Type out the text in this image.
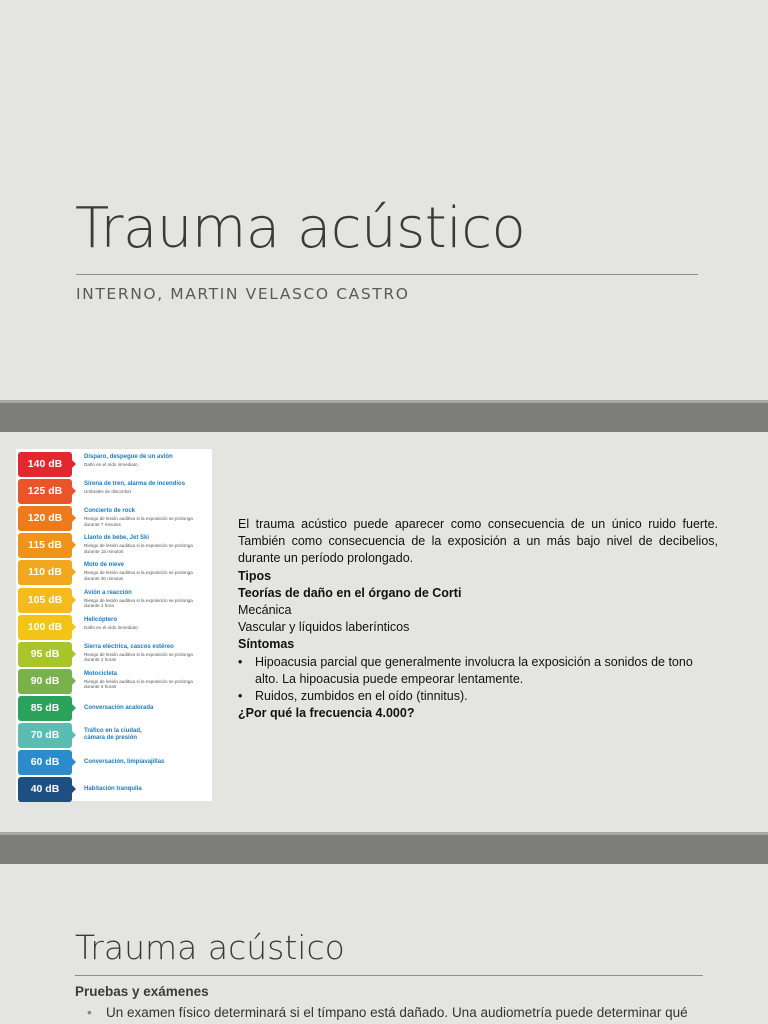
Trauma acústico
INTERNO, MARTIN VELASCO CASTRO
140 dB
Disparo, despegue de un avión
Daño en el oído inmediato
125 dB
Sirena de tren, alarma de incendios
Umbrales de disconfort
120 dB
Concierto de rock
Riesgo de lesión auditiva si la exposición se prolonga durante 7 minutos
115 dB
Llanto de bebe, Jet Ski
Riesgo de lesión auditiva si la exposición se prolonga durante 15 minutos
110 dB
Moto de nieve
Riesgo de lesión auditiva si la exposición se prolonga durante 30 minutos
105 dB
Avión a reacción
Riesgo de lesión auditiva si la exposición se prolonga durante 1 hora
100 dB
Helicóptero
Daño en el oído inmediato
95 dB
Sierra eléctrica, cascos estéreo
Riesgo de lesión auditiva si la exposición se prolonga durante 2 horas
90 dB
Motocicleta
Riesgo de lesión auditiva si la exposición se prolonga durante 4 horas
85 dB	Conversación acalorada
70 dB	Tráfico en la ciudad, cámara de presión
60 dB	Conversación, limpiavajillas
40 dB	Habitación tranquila

El trauma acústico puede aparecer como consecuencia de un único ruido fuerte. También como consecuencia de la exposición a un más bajo nivel de decibelios, durante un período prolongado.

Tipos

Teorías de daño en el órgano de Corti

Mecánica

Vascular y líquidos laberínticos

Síntomas

• Hipoacusia parcial que generalmente involucra la exposición a sonidos de tono alto. La hipoacusia puede empeorar lentamente.

• Ruidos, zumbidos en el oído (tinnitus).

¿Por qué la frecuencia 4.000?

Trauma acústico
Pruebas y exámenes
• Un examen físico determinará si el tímpano está dañado. Una audiometría puede determinar qué
